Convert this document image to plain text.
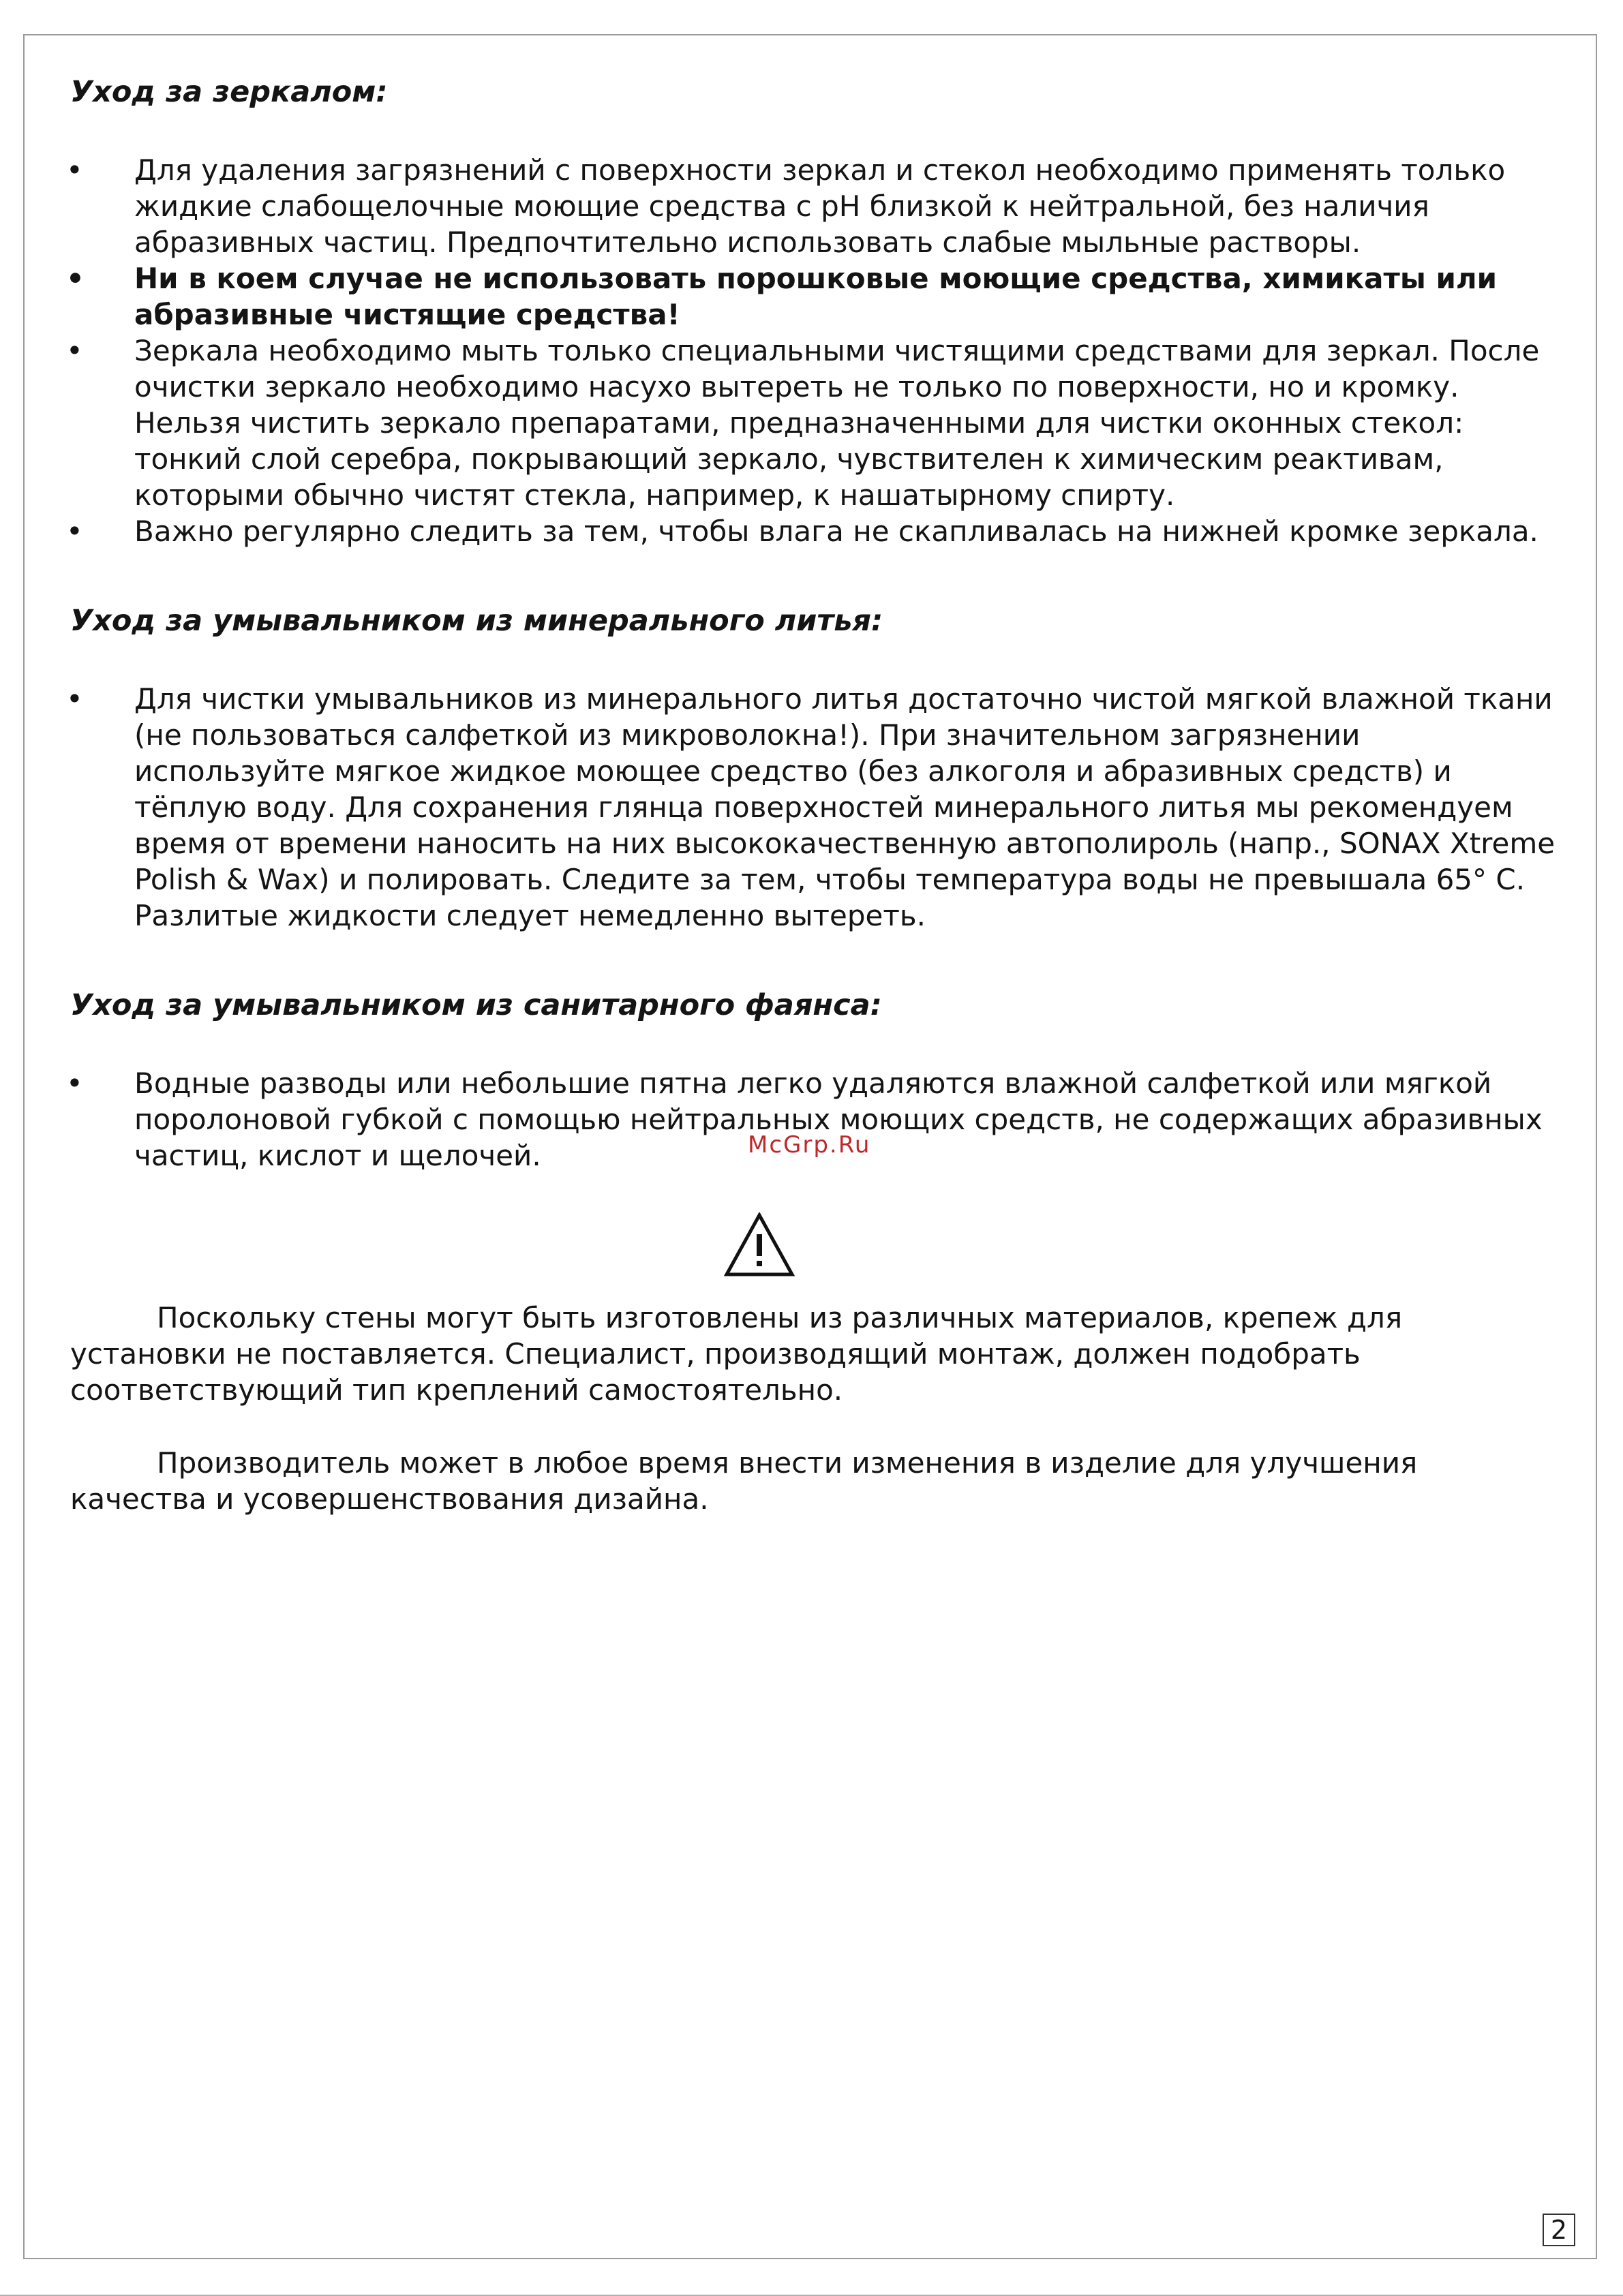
Уход за зеркалом:
• Для удаления загрязнений с поверхности зеркал и стекол необходимо применять только жидкие слабощелочные моющие средства с pH близкой к нейтральной, без наличия абразивных частиц. Предпочтительно использовать слабые мыльные растворы.
• Ни в коем случае не использовать порошковые моющие средства, химикаты или абразивные чистящие средства!
• Зеркала необходимо мыть только специальными чистящими средствами для зеркал. После очистки зеркало необходимо насухо вытереть не только по поверхности, но и кромку. Нельзя чистить зеркало препаратами, предназначенными для чистки оконных стекол: тонкий слой серебра, покрывающий зеркало, чувствителен к химическим реактивам, которыми обычно чистят стекла, например, к нашатырному спирту.
• Важно регулярно следить за тем, чтобы влага не скапливалась на нижней кромке зеркала.
Уход за умывальником из минерального литья:
• Для чистки умывальников из минерального литья достаточно чистой мягкой влажной ткани (не пользоваться салфеткой из микроволокна!). При значительном загрязнении используйте мягкое жидкое моющее средство (без алкоголя и абразивных средств) и тёплую воду. Для сохранения глянца поверхностей минерального литья мы рекомендуем время от времени наносить на них высококачественную автополироль (напр., SONAX Xtreme Polish & Wax) и полировать. Следите за тем, чтобы температура воды не превышала 65° С. Разлитые жидкости следует немедленно вытереть.
Уход за умывальником из санитарного фаянса:
• Водные разводы или небольшие пятна легко удаляются влажной салфеткой или мягкой поролоновой губкой с помощью нейтральных моющих средств, не содержащих абразивных частиц, кислот и щелочей.	McGrp.Ru

Поскольку стены могут быть изготовлены из различных материалов, крепеж для установки не поставляется. Специалист, производящий монтаж, должен подобрать соответствующий тип креплений самостоятельно.

Производитель может в любое время внести изменения в изделие для улучшения качества и усовершенствования дизайна.

2
